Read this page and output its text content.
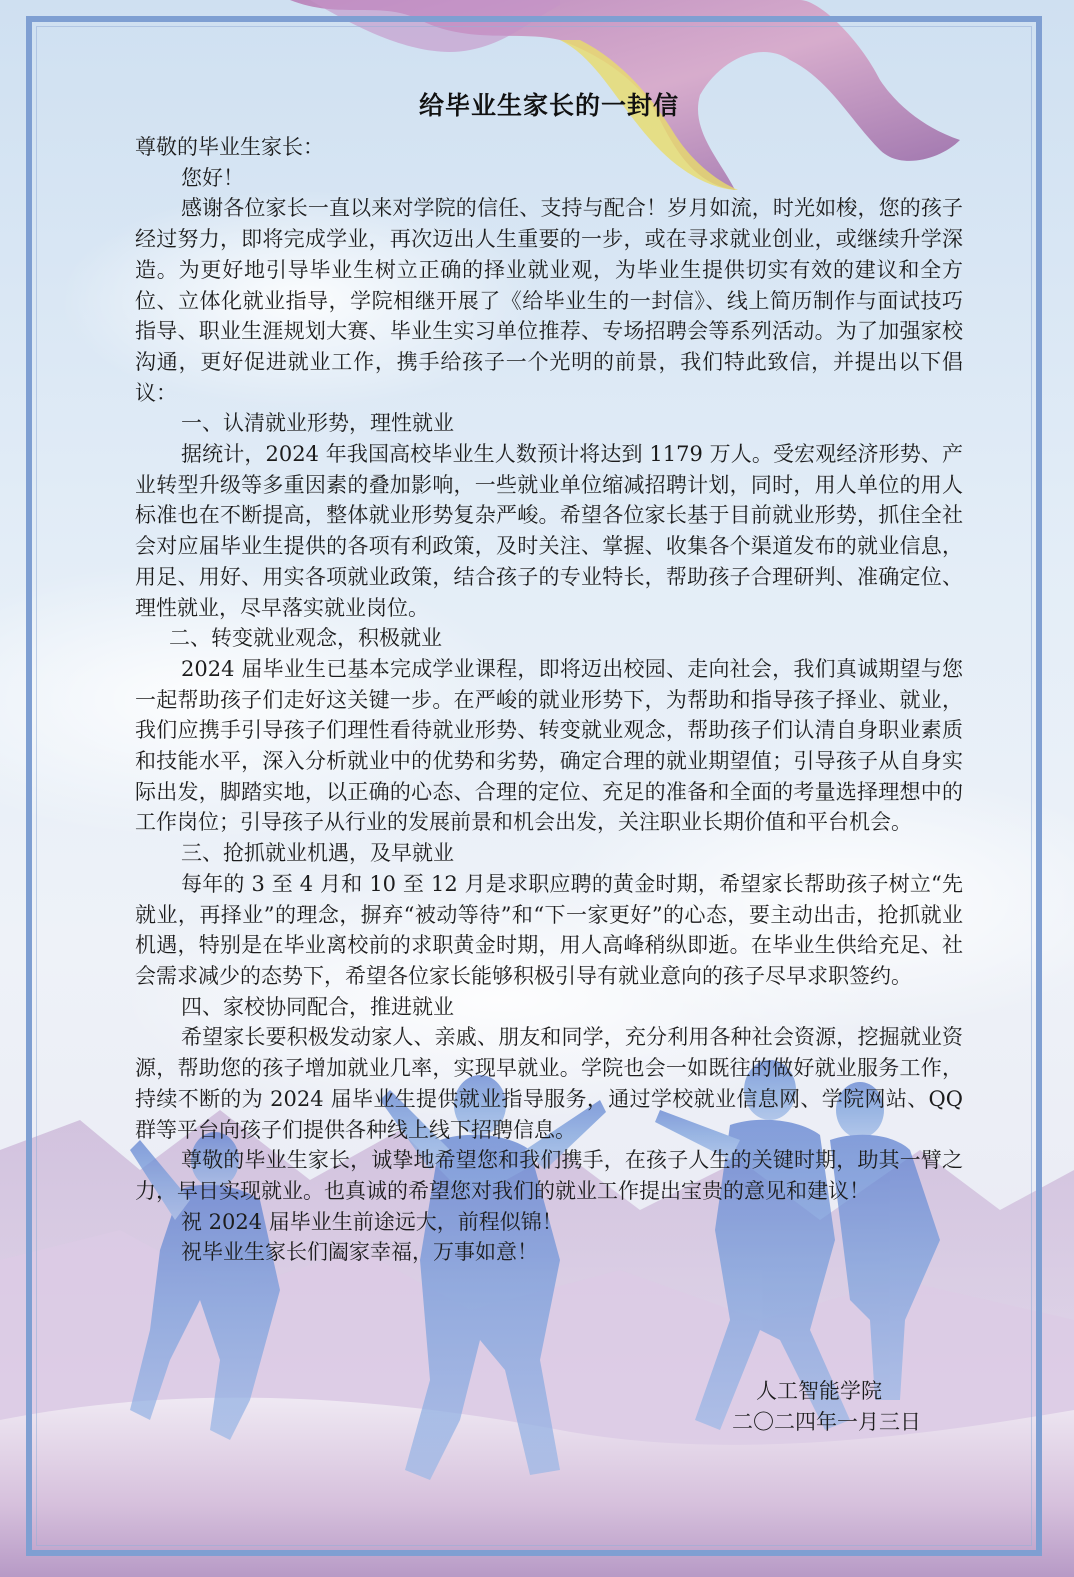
给毕业生家长的一封信

尊敬的毕业生家长：

您好！

感谢各位家长一直以来对学院的信任、支持与配合！岁月如流，时光如梭，您的孩子经过努力，即将完成学业，再次迈出人生重要的一步，或在寻求就业创业，或继续升学深造。为更好地引导毕业生树立正确的择业就业观，为毕业生提供切实有效的建议和全方位、立体化就业指导，学院相继开展了《给毕业生的一封信》、线上简历制作与面试技巧指导、职业生涯规划大赛、毕业生实习单位推荐、专场招聘会等系列活动。为了加强家校沟通，更好促进就业工作，携手给孩子一个光明的前景，我们特此致信，并提出以下倡议：

一、认清就业形势，理性就业

据统计，2024 年我国高校毕业生人数预计将达到 1179 万人。受宏观经济形势、产业转型升级等多重因素的叠加影响，一些就业单位缩减招聘计划，同时，用人单位的用人标准也在不断提高，整体就业形势复杂严峻。希望各位家长基于目前就业形势，抓住全社会对应届毕业生提供的各项有利政策，及时关注、掌握、收集各个渠道发布的就业信息，用足、用好、用实各项就业政策，结合孩子的专业特长，帮助孩子合理研判、准确定位、理性就业，尽早落实就业岗位。

二、转变就业观念，积极就业

2024 届毕业生已基本完成学业课程，即将迈出校园、走向社会，我们真诚期望与您一起帮助孩子们走好这关键一步。在严峻的就业形势下，为帮助和指导孩子择业、就业，我们应携手引导孩子们理性看待就业形势、转变就业观念，帮助孩子们认清自身职业素质和技能水平，深入分析就业中的优势和劣势，确定合理的就业期望值；引导孩子从自身实际出发，脚踏实地，以正确的心态、合理的定位、充足的准备和全面的考量选择理想中的工作岗位；引导孩子从行业的发展前景和机会出发，关注职业长期价值和平台机会。

三、抢抓就业机遇，及早就业

每年的 3 至 4 月和 10 至 12 月是求职应聘的黄金时期，希望家长帮助孩子树立“先就业，再择业”的理念，摒弃“被动等待”和“下一家更好”的心态，要主动出击，抢抓就业机遇，特别是在毕业离校前的求职黄金时期，用人高峰稍纵即逝。在毕业生供给充足、社会需求减少的态势下，希望各位家长能够积极引导有就业意向的孩子尽早求职签约。

四、家校协同配合，推进就业

希望家长要积极发动家人、亲戚、朋友和同学，充分利用各种社会资源，挖掘就业资源，帮助您的孩子增加就业几率，实现早就业。学院也会一如既往的做好就业服务工作，持续不断的为 2024 届毕业生提供就业指导服务，通过学校就业信息网、学院网站、QQ 群等平台向孩子们提供各种线上线下招聘信息。

尊敬的毕业生家长，诚挚地希望您和我们携手，在孩子人生的关键时期，助其一臂之力，早日实现就业。也真诚的希望您对我们的就业工作提出宝贵的意见和建议！

祝 2024 届毕业生前途远大，前程似锦！

祝毕业生家长们阖家幸福，万事如意！

人工智能学院
二〇二四年一月三日
